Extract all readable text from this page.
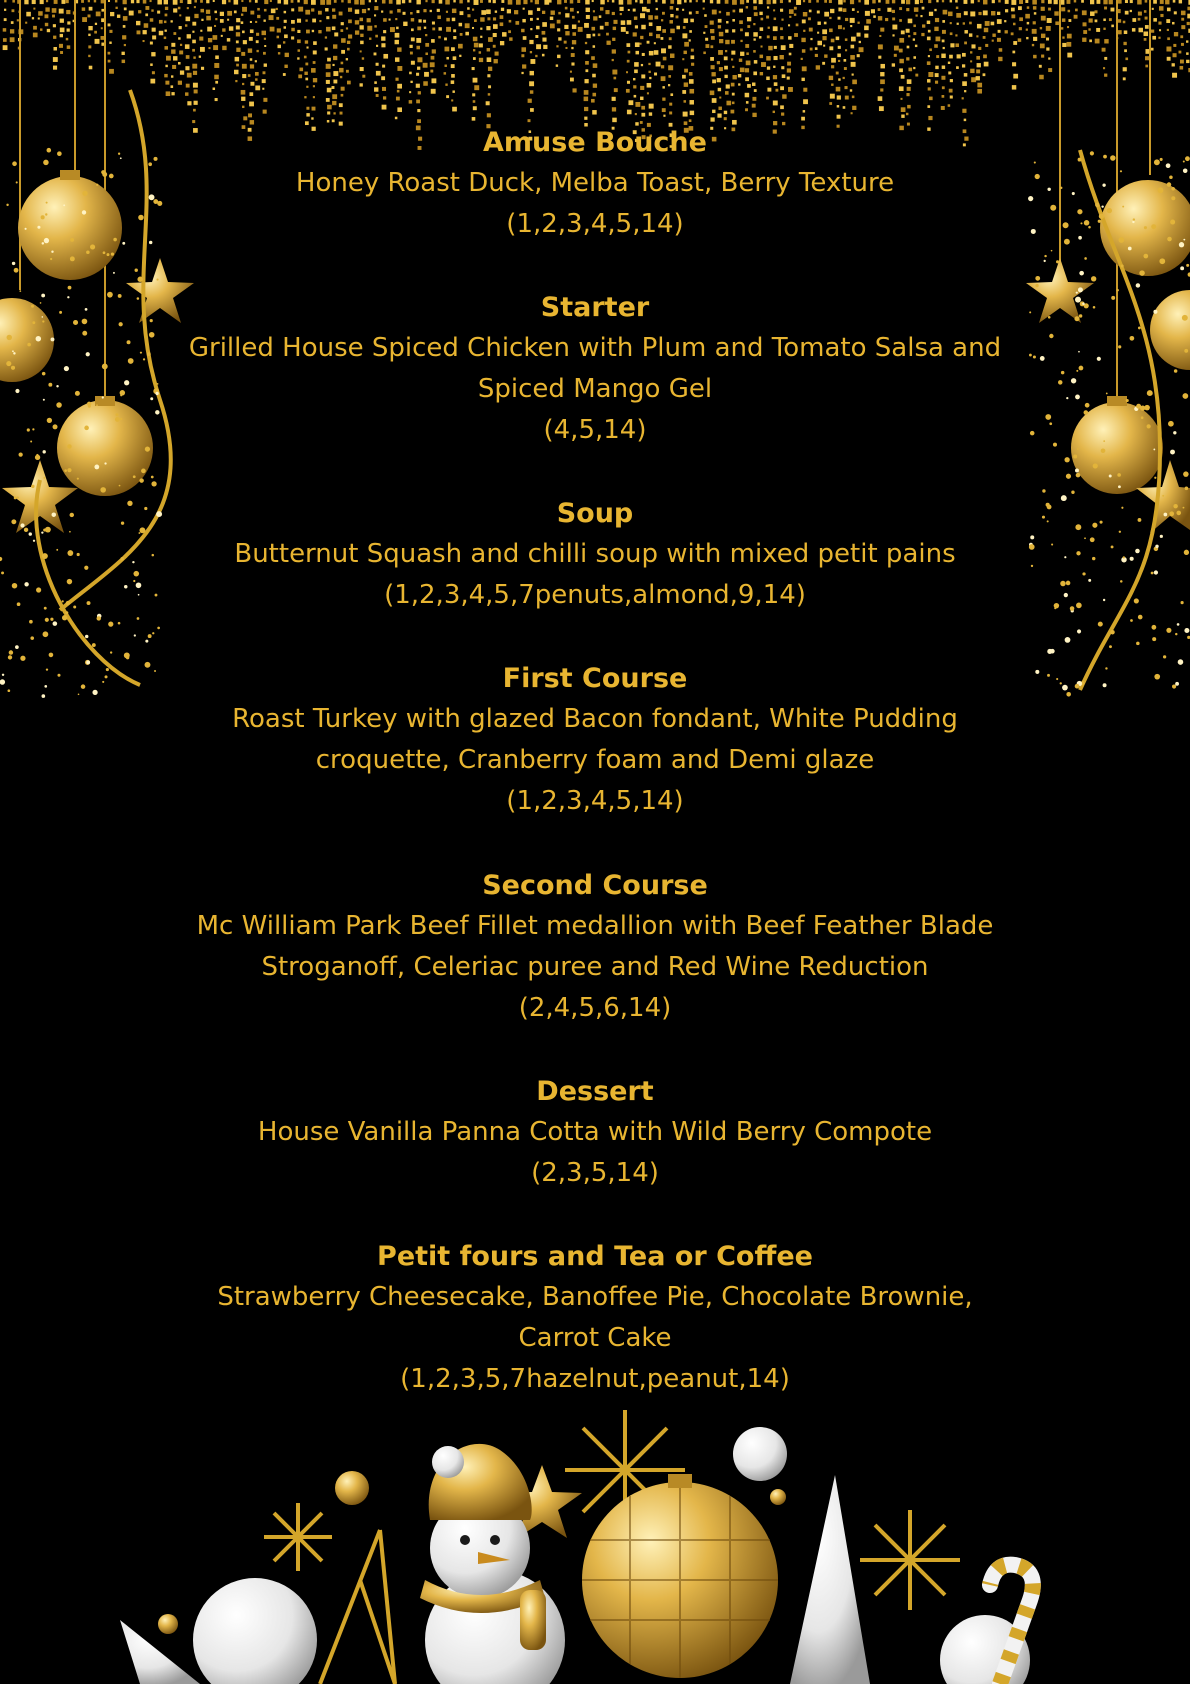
Amuse Bouche
Honey Roast Duck, Melba Toast, Berry Texture
(1,2,3,4,5,14)
Starter
Grilled House Spiced Chicken with Plum and Tomato Salsa and
Spiced Mango Gel
(4,5,14)
Soup
Butternut Squash and chilli soup with mixed petit pains
(1,2,3,4,5,7penuts,almond,9,14)
First Course
Roast Turkey with glazed Bacon fondant, White Pudding
croquette, Cranberry foam and Demi glaze
(1,2,3,4,5,14)
Second Course
Mc William Park Beef Fillet medallion with Beef Feather Blade
Stroganoff, Celeriac puree and Red Wine Reduction
(2,4,5,6,14)
Dessert
House Vanilla Panna Cotta with Wild Berry Compote
(2,3,5,14)
Petit fours and Tea or Coffee
Strawberry Cheesecake, Banoffee Pie, Chocolate Brownie,
Carrot Cake
(1,2,3,5,7hazelnut,peanut,14)
